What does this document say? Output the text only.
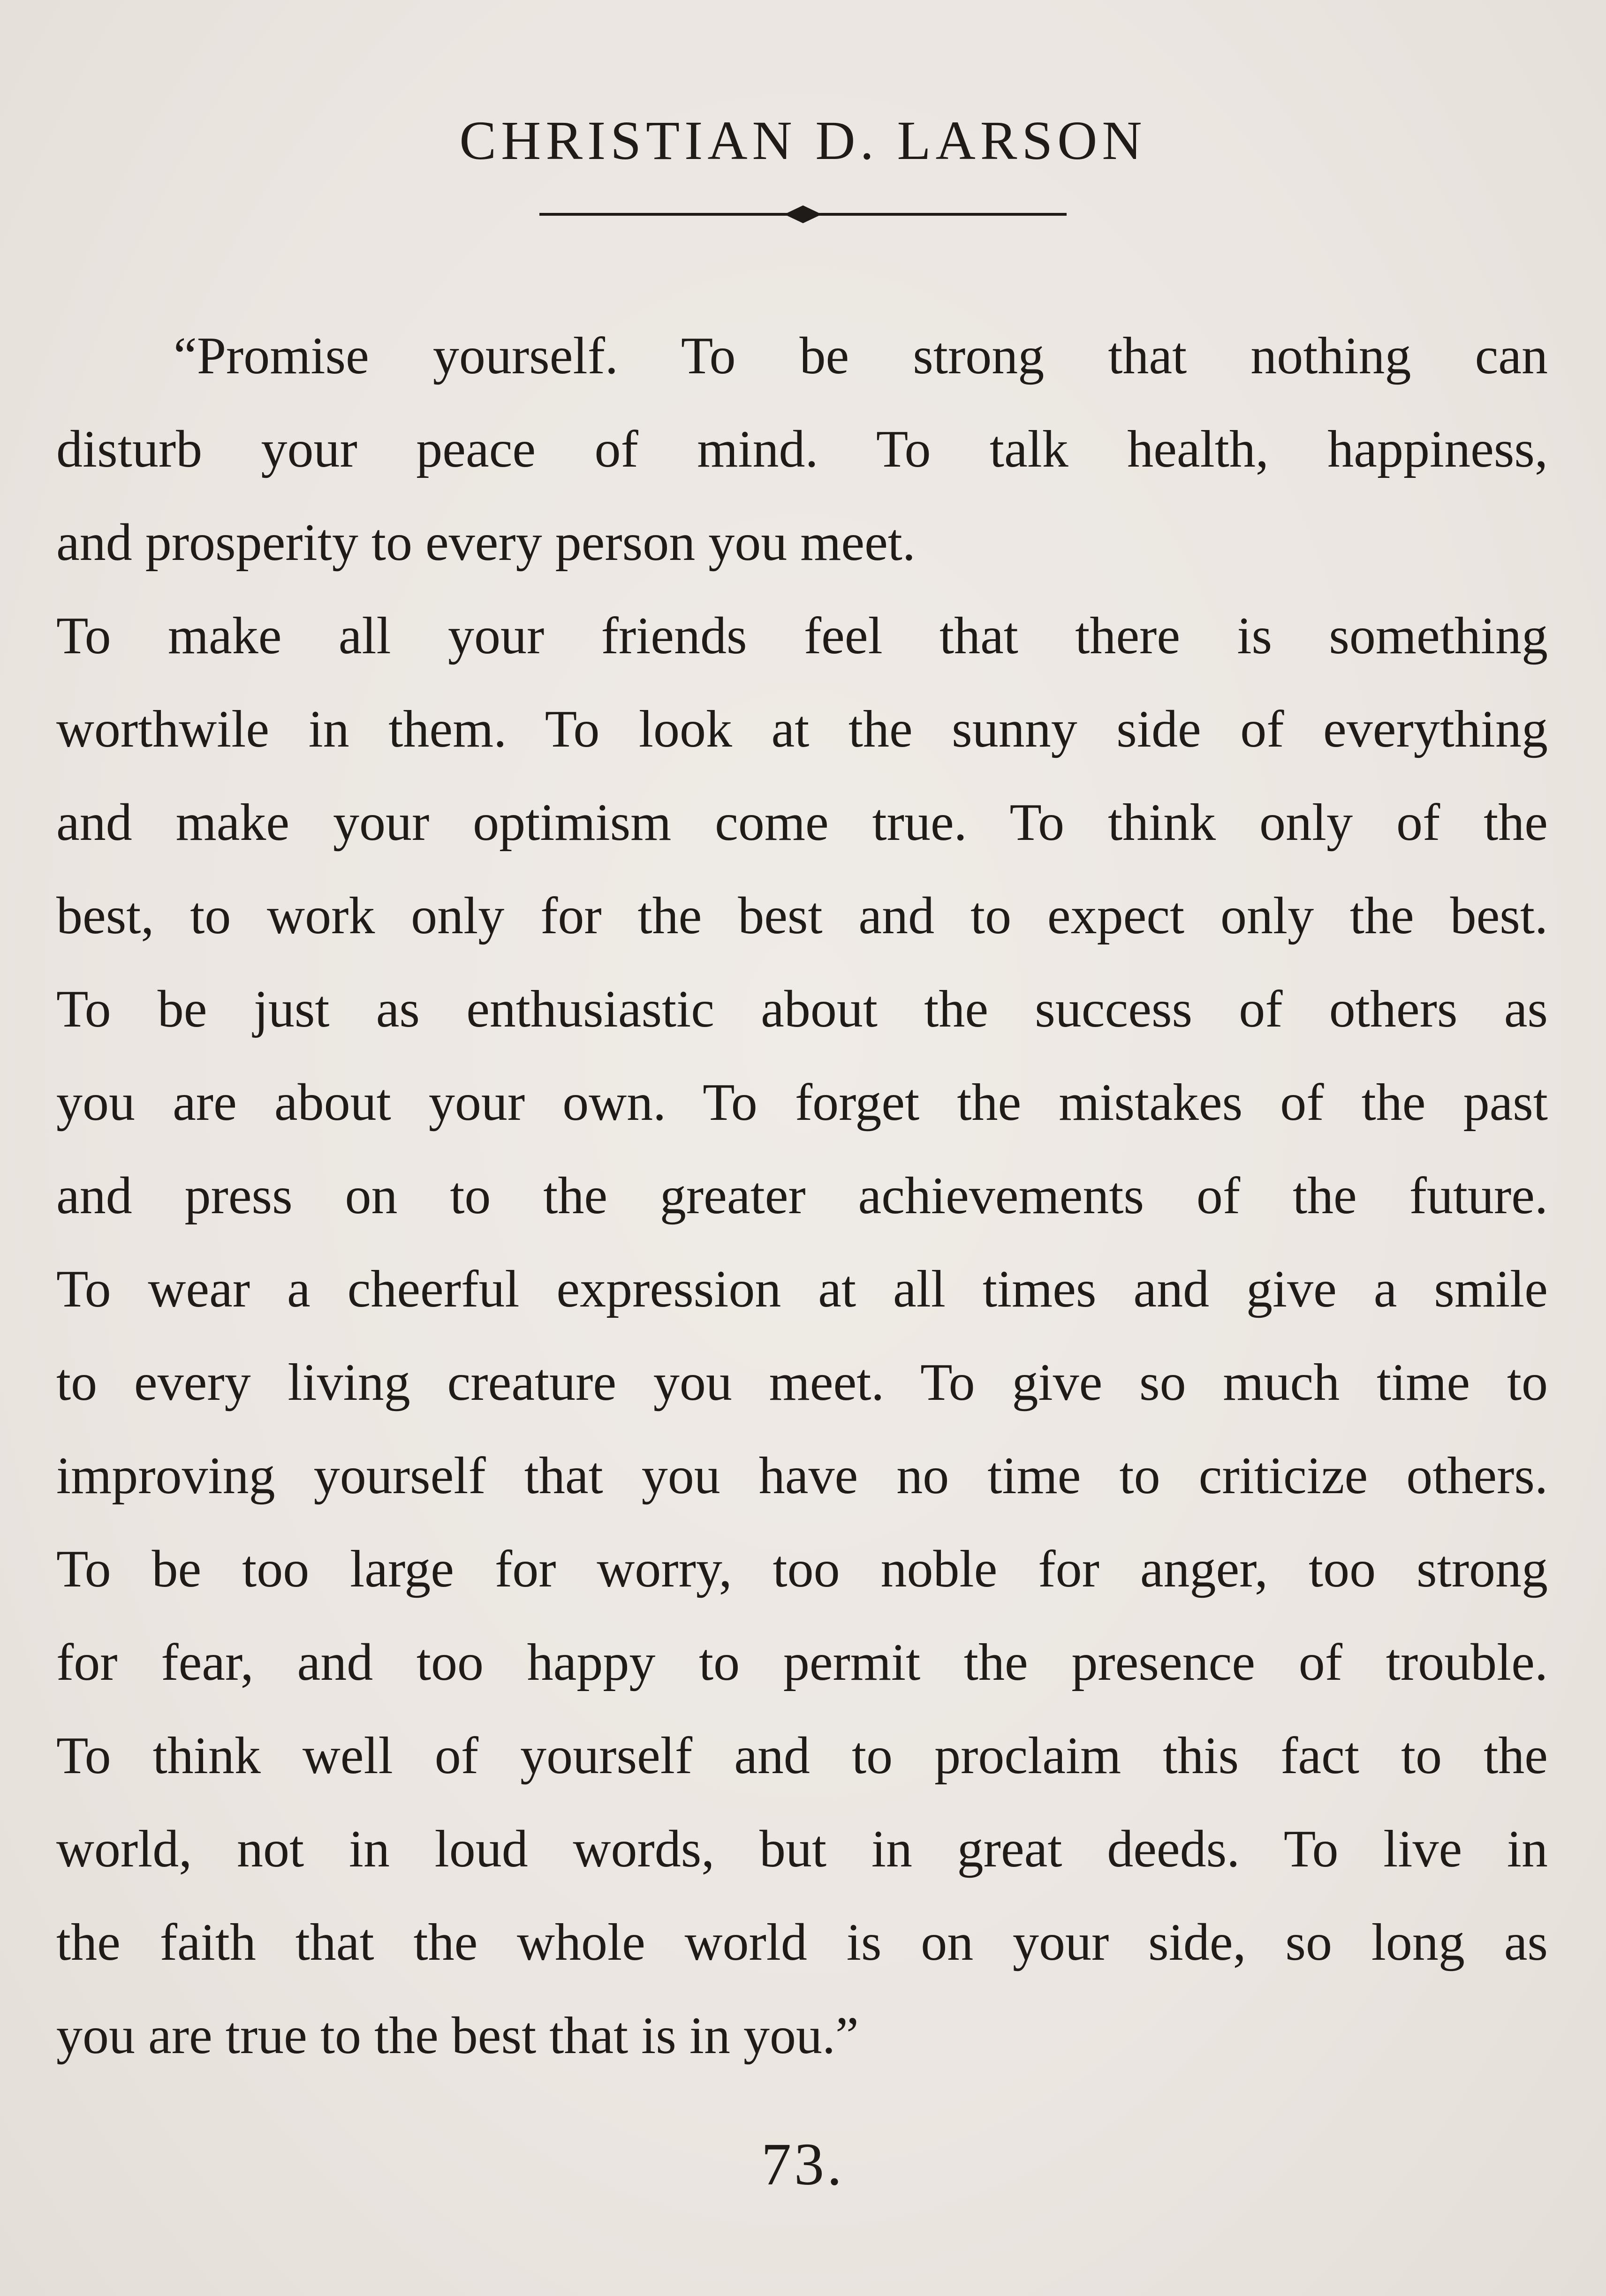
CHRISTIAN D. LARSON
“Promise yourself. To be strong that nothing can
disturb your peace of mind. To talk health, happiness,
and prosperity to every person you meet.
To make all your friends feel that there is something
worthwile in them. To look at the sunny side of everything
and make your optimism come true. To think only of the
best, to work only for the best and to expect only the best.
To be just as enthusiastic about the success of others as
you are about your own. To forget the mistakes of the past
and press on to the greater achievements of the future.
To wear a cheerful expression at all times and give a smile
to every living creature you meet. To give so much time to
improving yourself that you have no time to criticize others.
To be too large for worry, too noble for anger, too strong
for fear, and too happy to permit the presence of trouble.
To think well of yourself and to proclaim this fact to the
world, not in loud words, but in great deeds. To live in
the faith that the whole world is on your side, so long as
you are true to the best that is in you.”
73.
